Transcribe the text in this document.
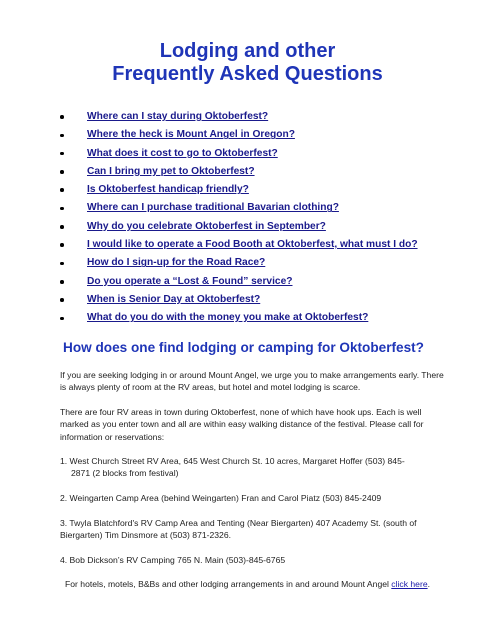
Lodging and other
Frequently Asked Questions
Where can I stay during Oktoberfest?
Where the heck is Mount Angel in Oregon?
What does it cost to go to Oktoberfest?
Can I bring my pet to Oktoberfest?
Is Oktoberfest handicap friendly?
Where can I purchase traditional Bavarian clothing?
Why do you celebrate Oktoberfest in September?
I would like to operate a Food Booth at Oktoberfest, what must I do?
How do I sign-up for the Road Race?
Do you operate a “Lost & Found” service?
When is Senior Day at Oktoberfest?
What do you do with the money you make at Oktoberfest?
How does one find lodging or camping for Oktoberfest?

If you are seeking lodging in or around Mount Angel, we urge you to make arrangements early. There is always plenty of room at the RV areas, but hotel and motel lodging is scarce.

There are four RV areas in town during Oktoberfest, none of which have hook ups. Each is well marked as you enter town and all are within easy walking distance of the festival. Please call for information or reservations:

1. West Church Street RV Area, 645 West Church St. 10 acres, Margaret Hoffer (503) 845-
2871 (2 blocks from festival)

2. Weingarten Camp Area (behind Weingarten) Fran and Carol Piatz (503) 845-2409

3. Twyla Blatchford's RV Camp Area and Tenting (Near Biergarten) 407 Academy St. (south of Biergarten) Tim Dinsmore at (503) 871-2326.

4. Bob Dickson’s RV Camping 765 N. Main (503)-845-6765

For hotels, motels, B&Bs and other lodging arrangements in and around Mount Angel click here.
